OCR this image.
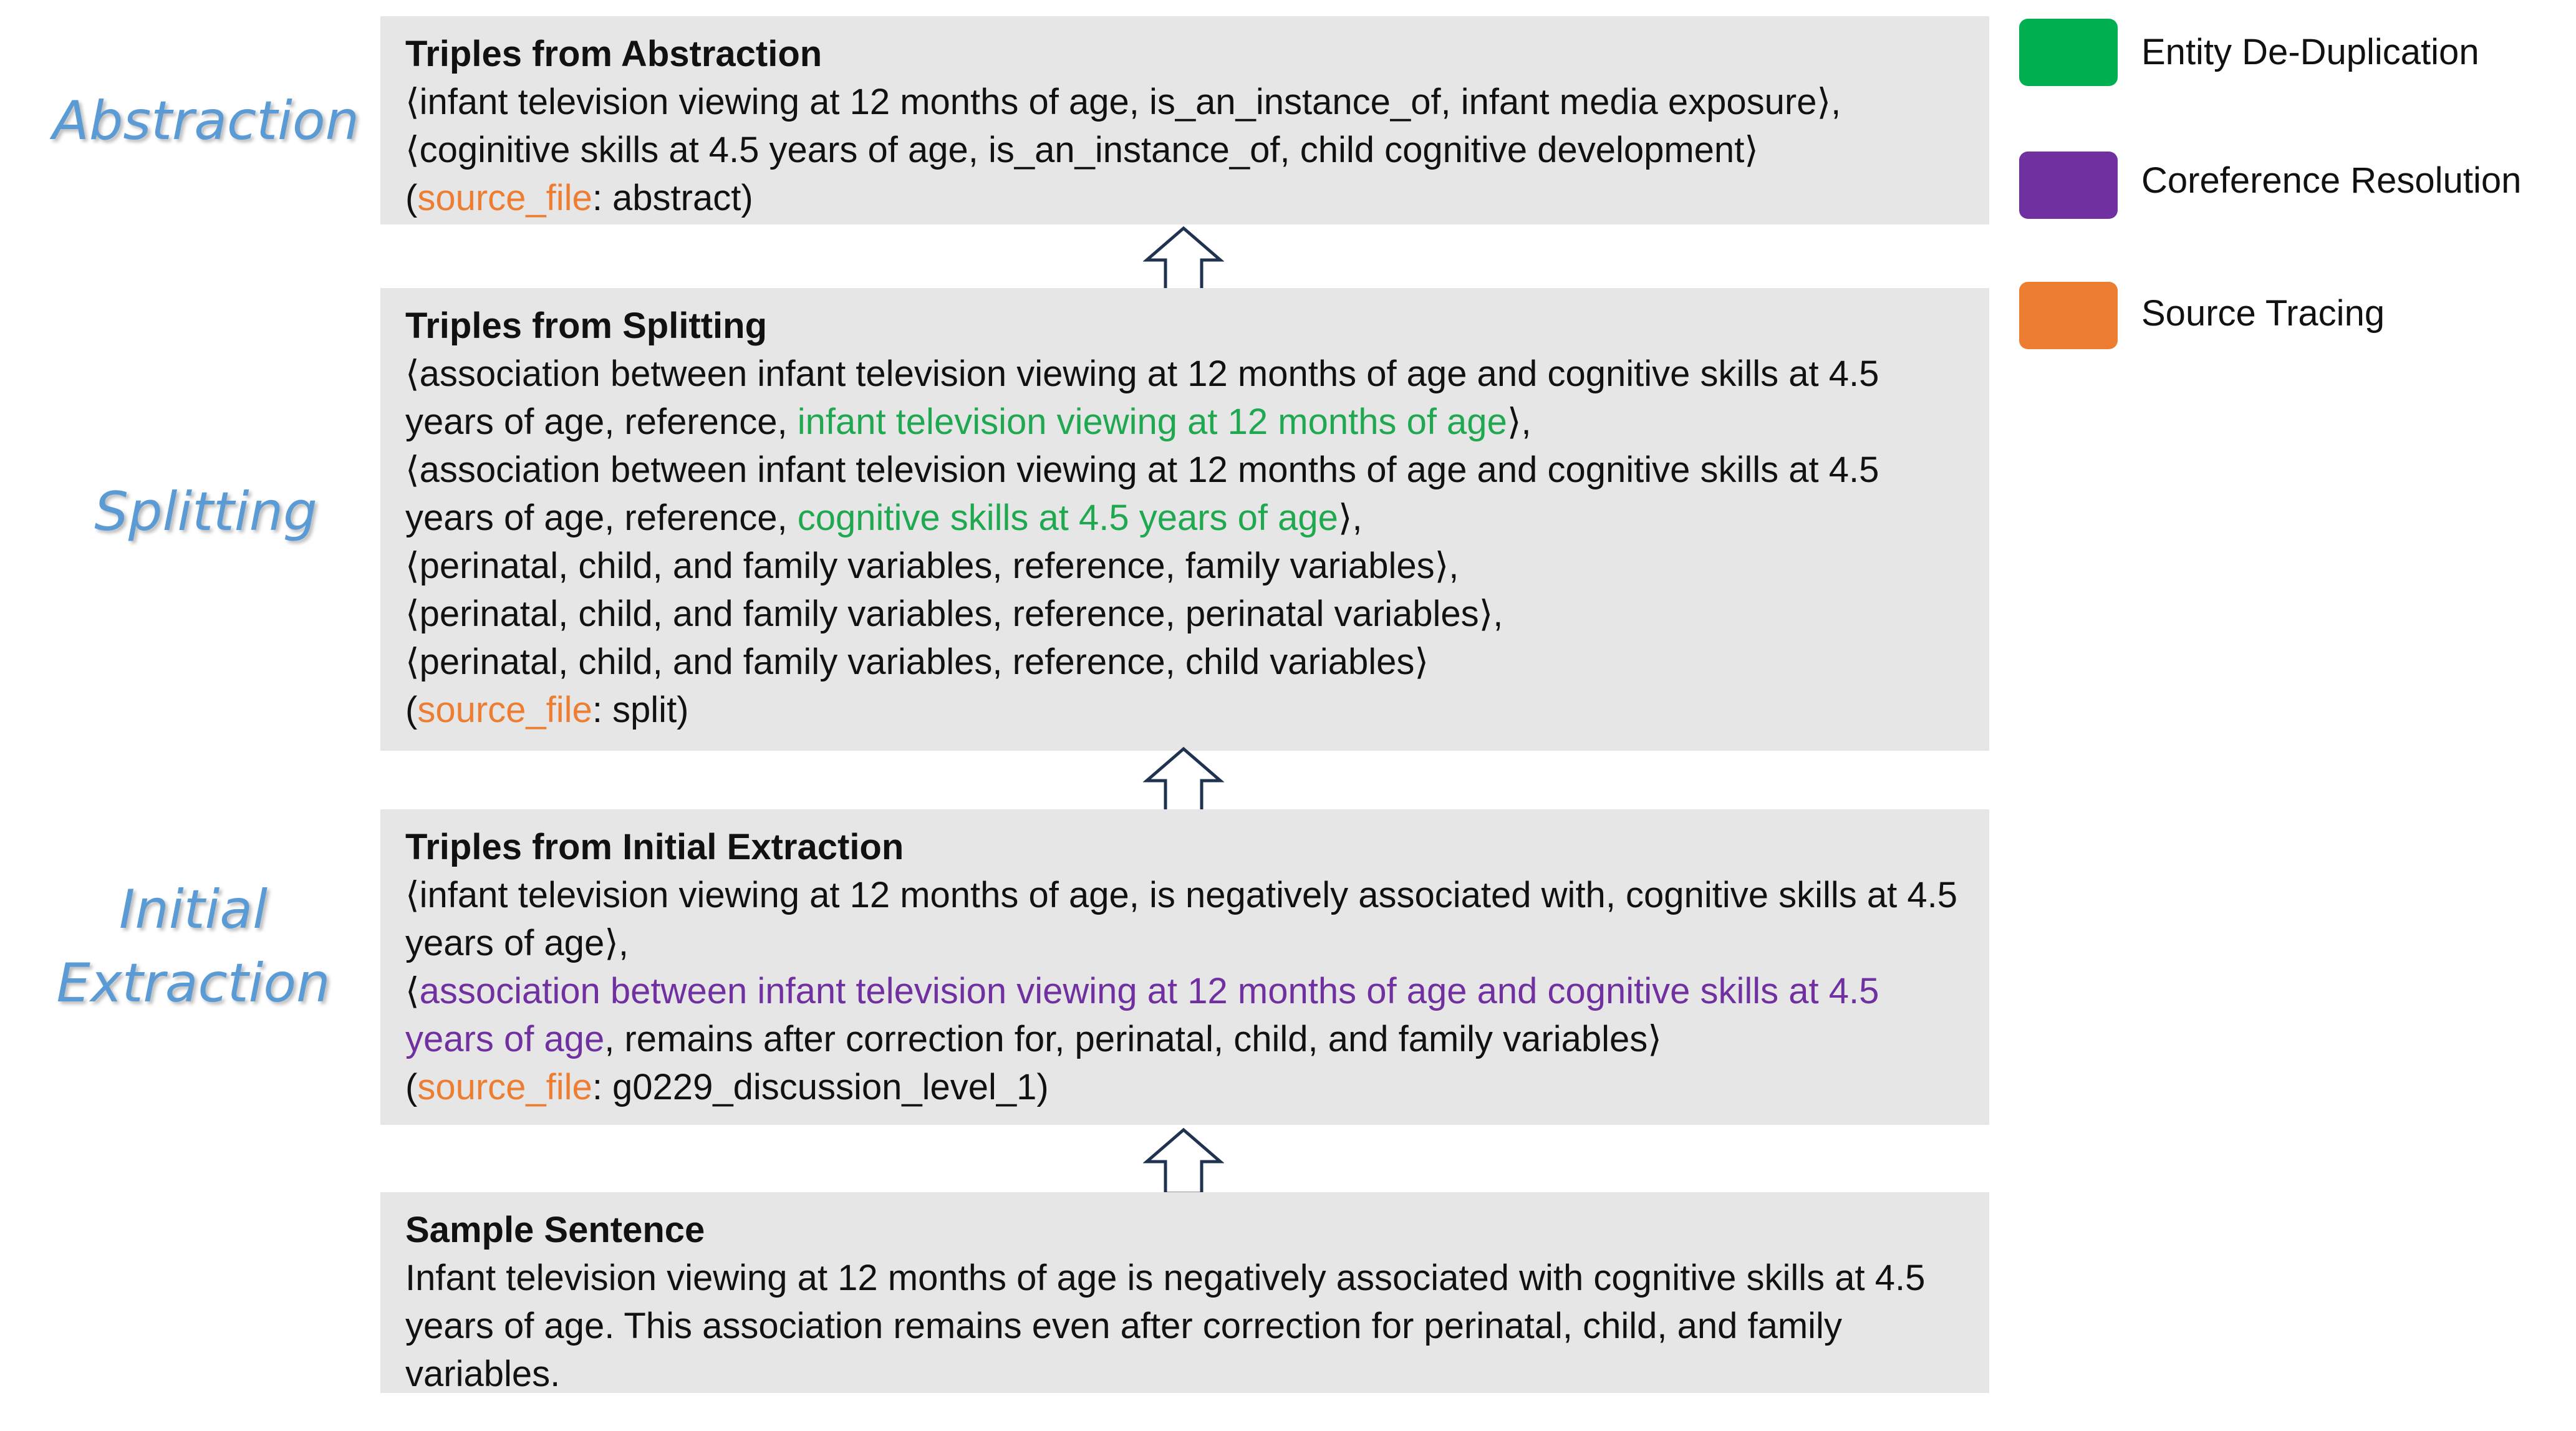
Abstraction
Splitting
Initial
Extraction
Triples from Abstraction
⟨infant television viewing at 12 months of age, is_an_instance_of, infant media exposure⟩,
⟨coginitive skills at 4.5 years of age, is_an_instance_of, child cognitive development⟩
(source_file: abstract)
Triples from Splitting
⟨association between infant television viewing at 12 months of age and cognitive skills at 4.5 years of age, reference, infant television viewing at 12 months of age⟩,
⟨association between infant television viewing at 12 months of age and cognitive skills at 4.5 years of age, reference, cognitive skills at 4.5 years of age⟩,
⟨perinatal, child, and family variables, reference, family variables⟩,
⟨perinatal, child, and family variables, reference, perinatal variables⟩,
⟨perinatal, child, and family variables, reference, child variables⟩
(source_file: split)
Triples from Initial Extraction
⟨infant television viewing at 12 months of age, is negatively associated with, cognitive skills at 4.5 years of age⟩,
⟨association between infant television viewing at 12 months of age and cognitive skills at 4.5 years of age, remains after correction for, perinatal, child, and family variables⟩
(source_file: g0229_discussion_level_1)
Sample Sentence
Infant television viewing at 12 months of age is negatively associated with cognitive skills at 4.5 years of age. This association remains even after correction for perinatal, child, and family variables.
Entity De-Duplication
Coreference Resolution
Source Tracing
